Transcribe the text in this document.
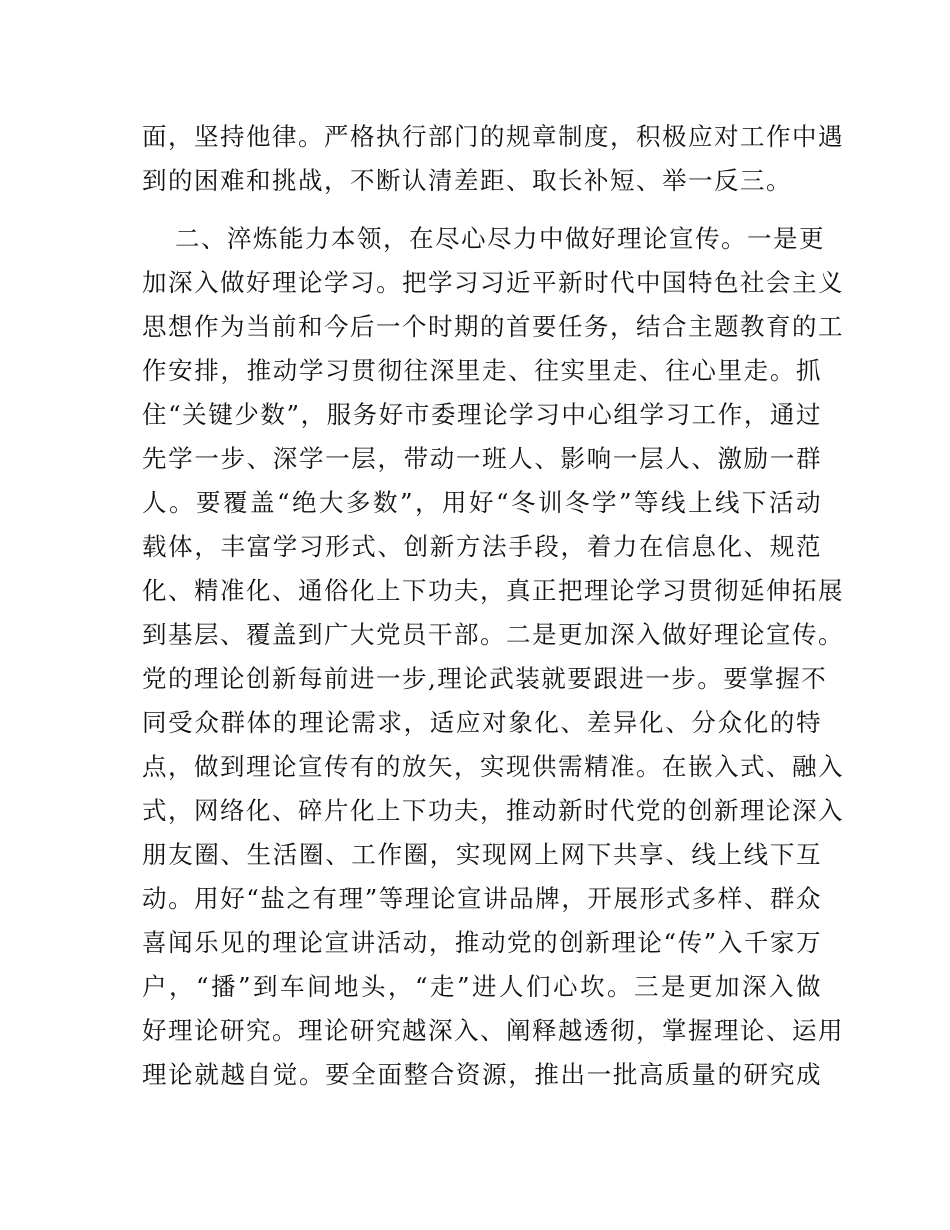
面，坚持他律。严格执行部门的规章制度，积极应对工作中遇
到的困难和挑战，不断认清差距、取长补短、举一反三。
二、淬炼能力本领，在尽心尽力中做好理论宣传。一是更
加深入做好理论学习。把学习习近平新时代中国特色社会主义
思想作为当前和今后一个时期的首要任务，结合主题教育的工
作安排，推动学习贯彻往深里走、往实里走、往心里走。抓
住“关键少数”，服务好市委理论学习中心组学习工作，通过
先学一步、深学一层，带动一班人、影响一层人、激励一群
人。要覆盖“绝大多数”，用好“冬训冬学”等线上线下活动
载体，丰富学习形式、创新方法手段，着力在信息化、规范
化、精准化、通俗化上下功夫，真正把理论学习贯彻延伸拓展
到基层、覆盖到广大党员干部。二是更加深入做好理论宣传。
党的理论创新每前进一步,理论武装就要跟进一步。要掌握不
同受众群体的理论需求，适应对象化、差异化、分众化的特
点，做到理论宣传有的放矢，实现供需精准。在嵌入式、融入
式，网络化、碎片化上下功夫，推动新时代党的创新理论深入
朋友圈、生活圈、工作圈，实现网上网下共享、线上线下互
动。用好“盐之有理”等理论宣讲品牌，开展形式多样、群众
喜闻乐见的理论宣讲活动，推动党的创新理论“传”入千家万
户，“播”到车间地头，“走”进人们心坎。三是更加深入做
好理论研究。理论研究越深入、阐释越透彻，掌握理论、运用
理论就越自觉。要全面整合资源，推出一批高质量的研究成
